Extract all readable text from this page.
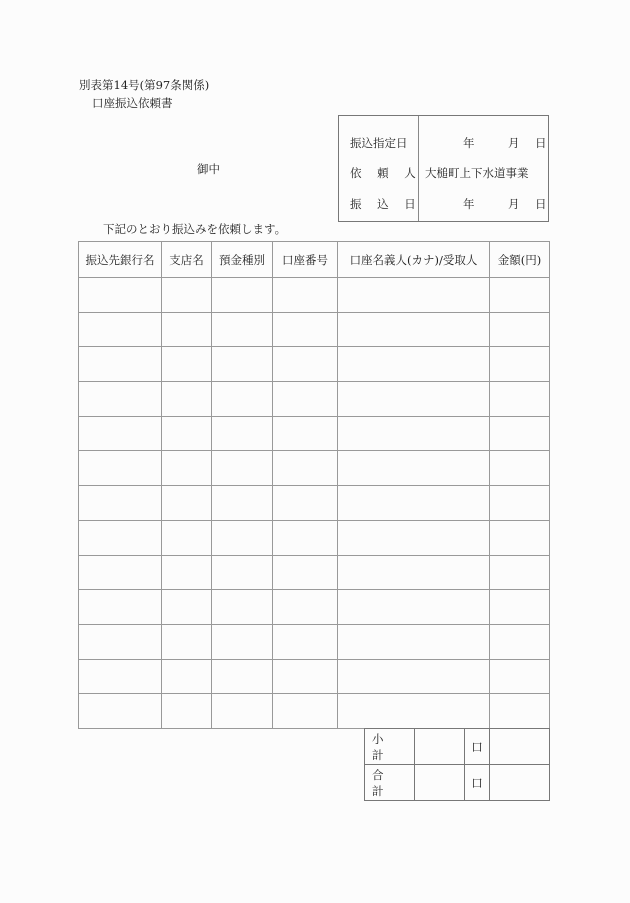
別表第14号(第97条関係)
口座振込依頼書
御中
下記のとおり振込みを依頼します。
振込指定日	年	月 日
依 頼 人 大槌町上下水道事業
振 込 日	年	月 日
振込先銀行名	支店名	預金種別	口座番号	口座名義人(カナ)/受取人	金額(円)

小計		口	
合計		口	
